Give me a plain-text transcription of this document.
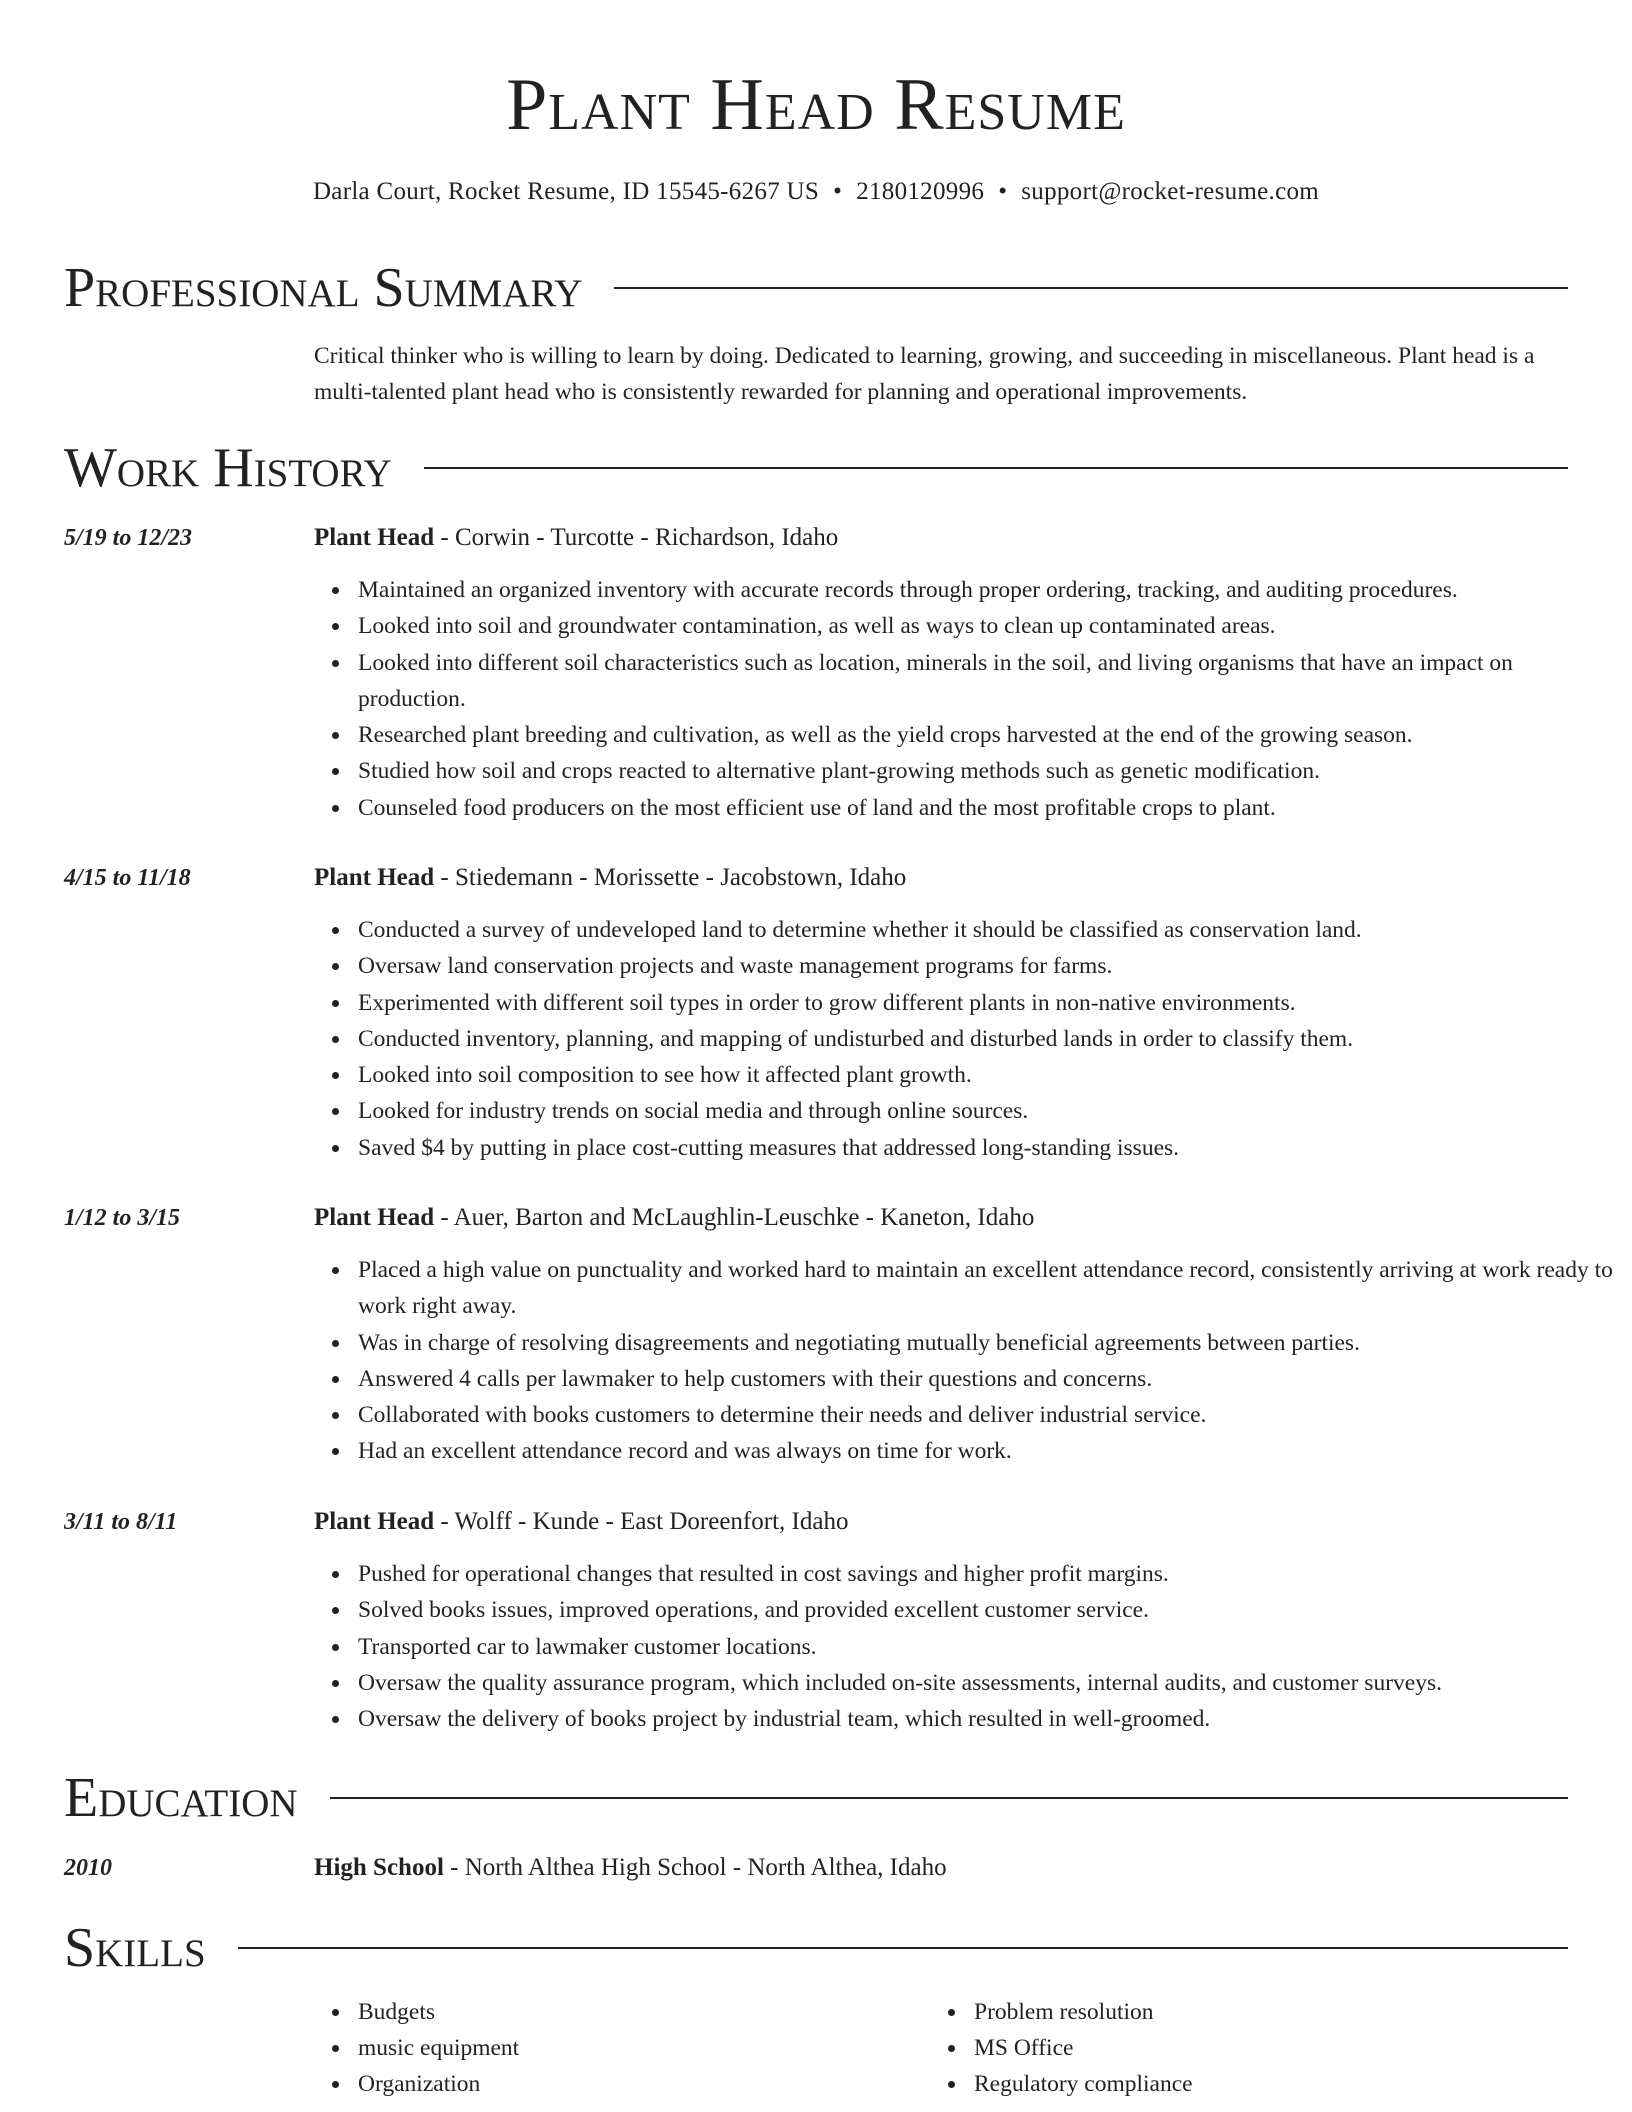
Plant Head Resume
Darla Court, Rocket Resume, ID 15545-6267 US • 2180120996 • support@rocket-resume.com
Professional Summary

Critical thinker who is willing to learn by doing. Dedicated to learning, growing, and succeeding in miscellaneous. Plant head is a multi-talented plant head who is consistently rewarded for planning and operational improvements.

Work History
5/19 to 12/23	Plant Head - Corwin - Turcotte - Richardson, Idaho
Maintained an organized inventory with accurate records through proper ordering, tracking, and auditing procedures.
Looked into soil and groundwater contamination, as well as ways to clean up contaminated areas.
Looked into different soil characteristics such as location, minerals in the soil, and living organisms that have an impact on production.
Researched plant breeding and cultivation, as well as the yield crops harvested at the end of the growing season.
Studied how soil and crops reacted to alternative plant-growing methods such as genetic modification.
Counseled food producers on the most efficient use of land and the most profitable crops to plant.
4/15 to 11/18	Plant Head - Stiedemann - Morissette - Jacobstown, Idaho
Conducted a survey of undeveloped land to determine whether it should be classified as conservation land.
Oversaw land conservation projects and waste management programs for farms.
Experimented with different soil types in order to grow different plants in non-native environments.
Conducted inventory, planning, and mapping of undisturbed and disturbed lands in order to classify them.
Looked into soil composition to see how it affected plant growth.
Looked for industry trends on social media and through online sources.
Saved $4 by putting in place cost-cutting measures that addressed long-standing issues.
1/12 to 3/15	Plant Head - Auer, Barton and McLaughlin-Leuschke - Kaneton, Idaho
Placed a high value on punctuality and worked hard to maintain an excellent attendance record, consistently arriving at work ready to work right away.
Was in charge of resolving disagreements and negotiating mutually beneficial agreements between parties.
Answered 4 calls per lawmaker to help customers with their questions and concerns.
Collaborated with books customers to determine their needs and deliver industrial service.
Had an excellent attendance record and was always on time for work.
3/11 to 8/11	Plant Head - Wolff - Kunde - East Doreenfort, Idaho
Pushed for operational changes that resulted in cost savings and higher profit margins.
Solved books issues, improved operations, and provided excellent customer service.
Transported car to lawmaker customer locations.
Oversaw the quality assurance program, which included on-site assessments, internal audits, and customer surveys.
Oversaw the delivery of books project by industrial team, which resulted in well-groomed.
Education
2010	High School - North Althea High School - North Althea, Idaho
Skills
Budgets	Problem resolution
music equipment	MS Office
Organization	Regulatory compliance
